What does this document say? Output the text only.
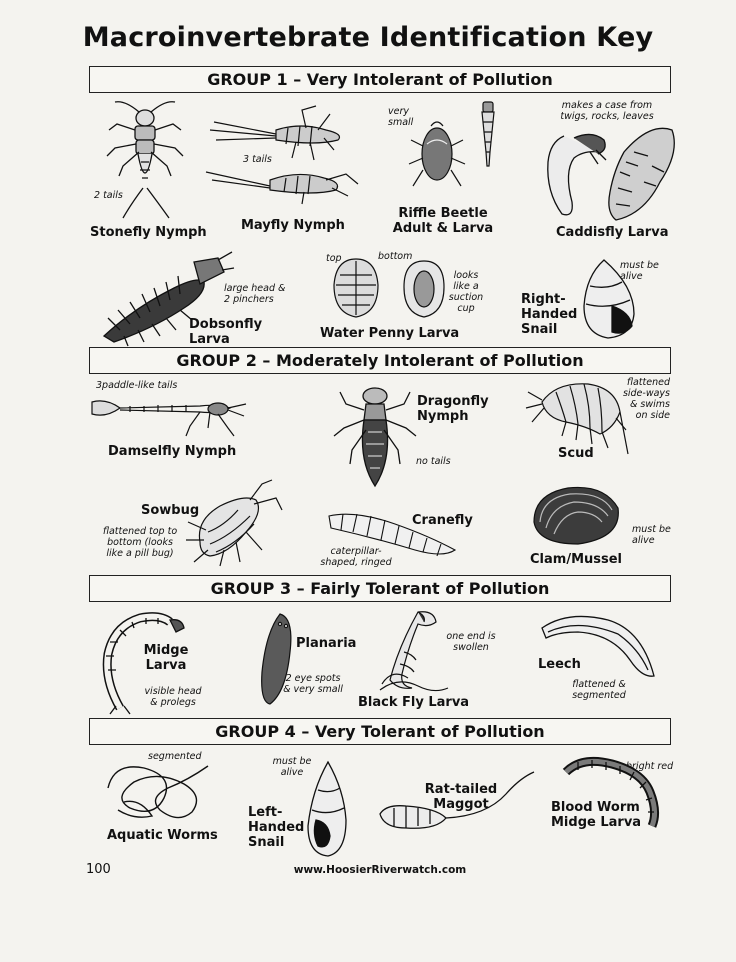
Macroinvertebrate Identification Key
GROUP 1 – Very Intolerant of Pollution
2 tails
Stonefly Nymph
3 tails
Mayfly Nymph
very
small
Riffle Beetle
Adult & Larva
makes a case from
twigs, rocks, leaves
Caddisfly Larva
large head &
2 pinchers
Dobsonfly
Larva
top	bottom
looks
like a
suction
cup
Water Penny Larva
Right-
Handed
Snail
must be
alive
GROUP 2 – Moderately Intolerant of Pollution
3paddle-like tails
Damselfly Nymph
Dragonfly
Nymph
no tails
flattened
side-ways
& swims
on side
Scud
Sowbug
flattened top to
bottom (looks
like a pill bug)
Cranefly
caterpillar-
shaped, ringed
must be
alive
Clam/Mussel
GROUP 3 – Fairly Tolerant of Pollution
Midge
Larva
visible head
& prolegs
Planaria
2 eye spots
& very small
one end is
swollen
Black Fly Larva
Leech
flattened &
segmented
GROUP 4 – Very Tolerant of Pollution
segmented
Aquatic Worms
must be
alive
Left-
Handed
Snail
Rat-tailed
Maggot
bright red
Blood Worm
Midge Larva
100	www.HoosierRiverwatch.com
